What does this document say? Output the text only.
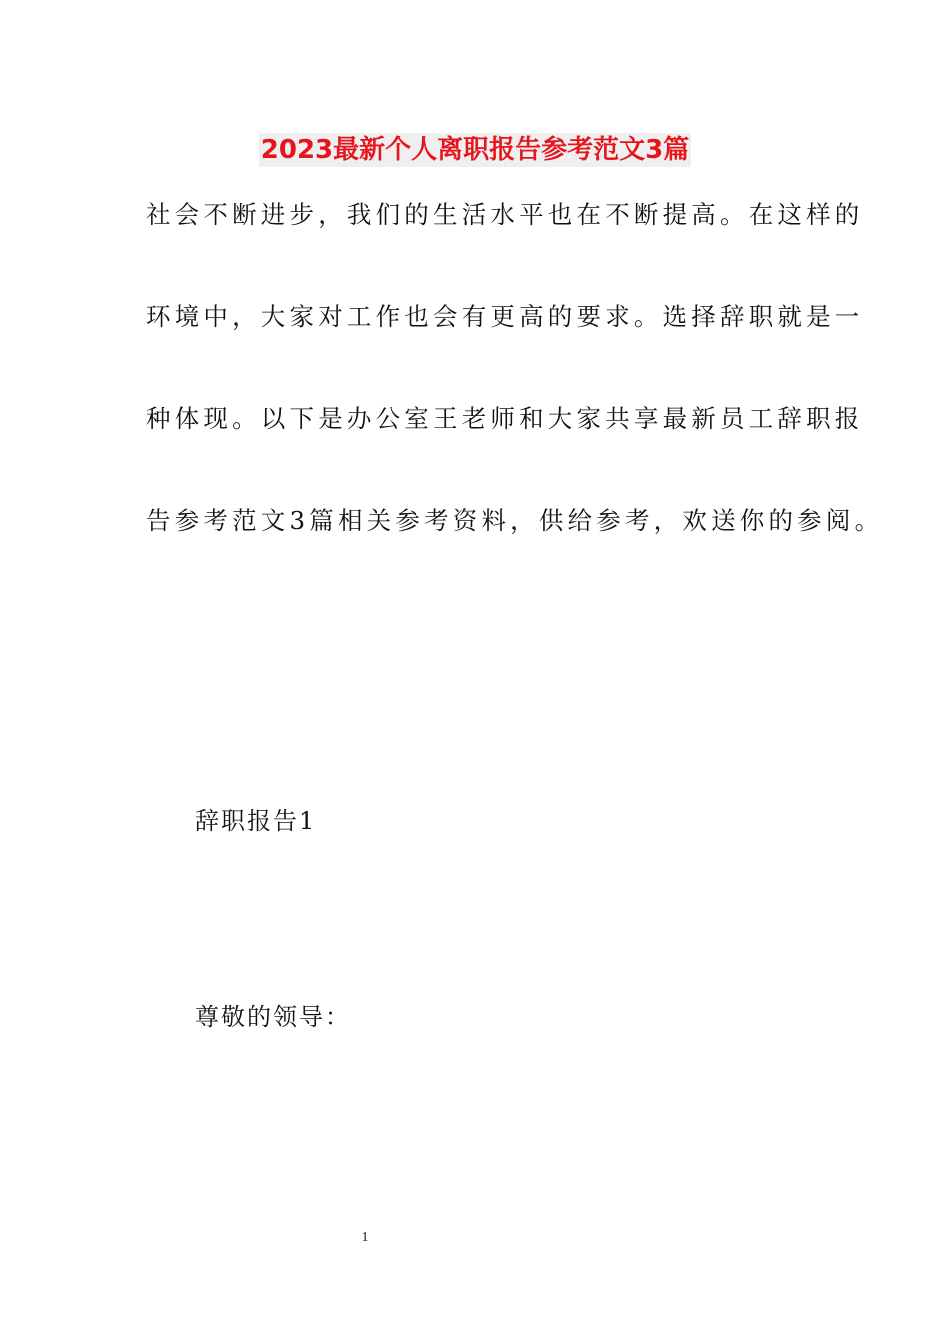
2023最新个人离职报告参考范文3篇
社会不断进步，我们的生活水平也在不断提高。在这样的
环境中，大家对工作也会有更高的要求。选择辞职就是一
种体现。以下是办公室王老师和大家共享最新员工辞职报
告参考范文3篇相关参考资料，供给参考，欢送你的参阅。
辞职报告1
尊敬的领导：
1
